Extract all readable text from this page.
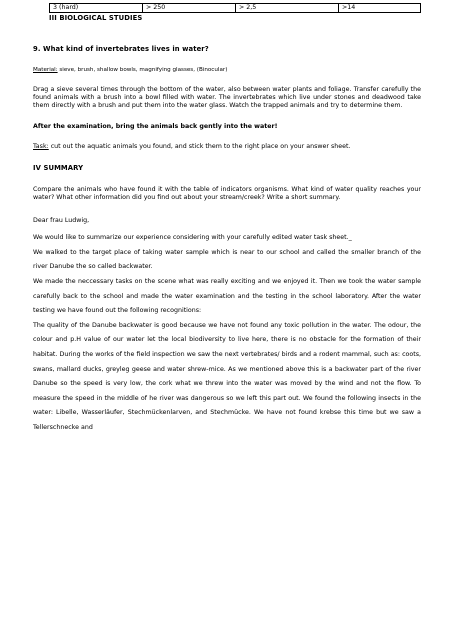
3 (hard)	> 250	> 2,5	>14
III BIOLOGICAL STUDIES
9. What kind of invertebrates lives in water?

Material: sieve, brush, shallow bowls, magnifying glasses, (Binocular)

Drag a sieve several times through the bottom of the water, also between water plants and foliage. Transfer carefully the found animals with a brush into a bowl filled with water. The invertebrates which live under stones and deadwood take them directly with a brush and put them into the water glass. Watch the trapped animals and try to determine them.

After the examination, bring the animals back gently into the water!

Task: cut out the aquatic animals you found, and stick them to the right place on your answer sheet.

IV SUMMARY

Compare the animals who have found it with the table of indicators organisms. What kind of water quality reaches your water? What other information did you find out about your stream/creek? Write a short summary.

Dear frau Ludwig,

We would like to summarize our experience considering with your carefully edited water task sheet._

We walked to the target place of taking water sample which is near to our school and called the smaller branch of the river Danube the so called backwater.

We made the neccessary tasks on the scene what was really exciting and we enjoyed it. Then we took the water sample carefully back to the school and made the water examination and the testing in the school laboratory. After the water testing we have found out the following recognitions:

The quality of the Danube backwater is good because we have not found any toxic pollution in the water. The odour, the colour and p.H value of our water let the local biodiversity to live here, there is no obstacle for the formation of their habitat. During the works of the field inspection we saw the next vertebrates/ birds and a rodent mammal, such as: coots, swans, mallard ducks, greyleg geese and water shrew-mice. As we mentioned above this is a backwater part of the river Danube so the speed is very low, the cork what we threw into the water was moved by the wind and not the flow. To measure the speed in the middle of he river was dangerous so we left this part out. We found the following insects in the water: Libelle, Wasserläufer, Stechmückenlarven, and Stechmücke. We have not found krebse this time but we saw a Tellerschnecke and
